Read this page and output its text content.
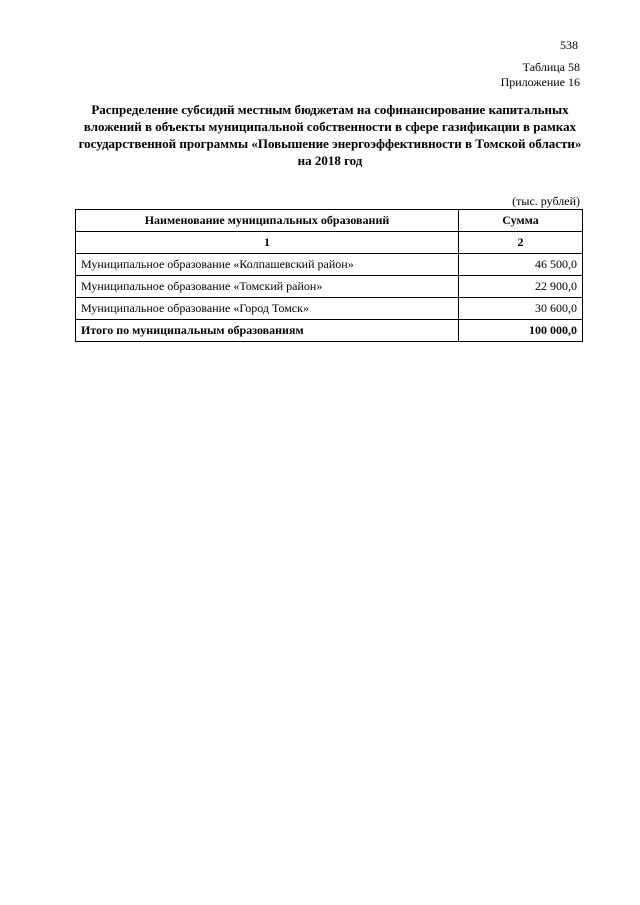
538
Таблица 58
Приложение 16
Распределение субсидий местным бюджетам на софинансирование капитальных вложений в объекты муниципальной собственности в сфере газификации в рамках государственной программы «Повышение энергоэффективности в Томской области» на 2018 год
(тыс. рублей)
Наименование муниципальных образований	Сумма
1	2
Муниципальное образование «Колпашевский район»	46 500,0
Муниципальное образование «Томский район»	22 900,0
Муниципальное образование «Город Томск»	30 600,0
Итого по муниципальным образованиям	100 000,0
